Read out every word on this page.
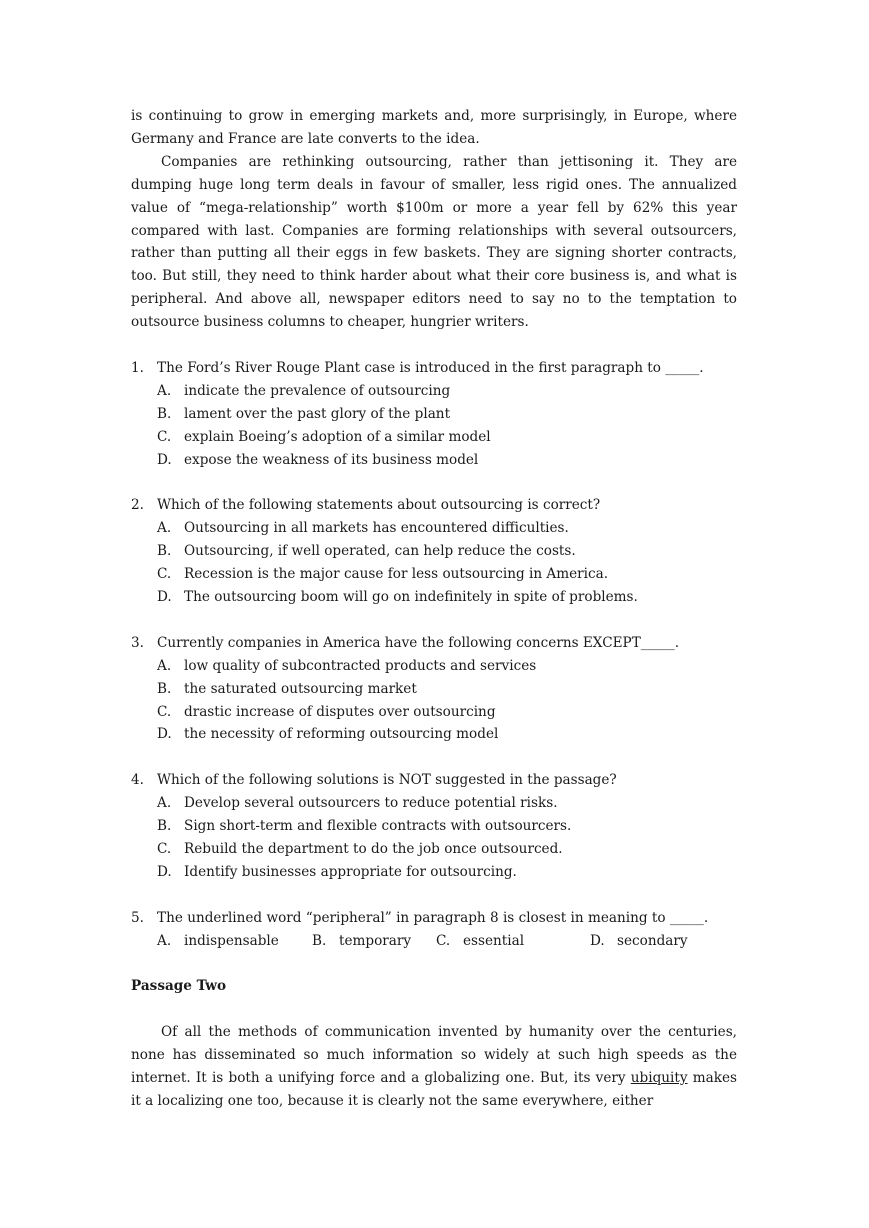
is continuing to grow in emerging markets and, more surprisingly, in Europe, where Germany and France are late converts to the idea.

Companies are rethinking outsourcing, rather than jettisoning it. They are dumping huge long term deals in favour of smaller, less rigid ones. The annualized value of “mega-relationship” worth $100m or more a year fell by 62% this year compared with last. Companies are forming relationships with several outsourcers, rather than putting all their eggs in few baskets. They are signing shorter contracts, too. But still, they need to think harder about what their core business is, and what is peripheral. And above all, newspaper editors need to say no to the temptation to outsource business columns to cheaper, hungrier writers.

1. The Ford’s River Rouge Plant case is introduced in the first paragraph to _____.
A. indicate the prevalence of outsourcing
B. lament over the past glory of the plant
C. explain Boeing’s adoption of a similar model
D. expose the weakness of its business model
2. Which of the following statements about outsourcing is correct?
A. Outsourcing in all markets has encountered difficulties.
B. Outsourcing, if well operated, can help reduce the costs.
C. Recession is the major cause for less outsourcing in America.
D. The outsourcing boom will go on indefinitely in spite of problems.
3. Currently companies in America have the following concerns EXCEPT_____.
A. low quality of subcontracted products and services
B. the saturated outsourcing market
C. drastic increase of disputes over outsourcing
D. the necessity of reforming outsourcing model
4. Which of the following solutions is NOT suggested in the passage?
A. Develop several outsourcers to reduce potential risks.
B. Sign short-term and flexible contracts with outsourcers.
C. Rebuild the department to do the job once outsourced.
D. Identify businesses appropriate for outsourcing.
5. The underlined word “peripheral” in paragraph 8 is closest in meaning to _____.
A. indispensable B. temporary C. essential	D. secondary

Passage Two

Of all the methods of communication invented by humanity over the centuries, none has disseminated so much information so widely at such high speeds as the internet. It is both a unifying force and a globalizing one. But, its very ubiquity makes it a localizing one too, because it is clearly not the same everywhere, either
